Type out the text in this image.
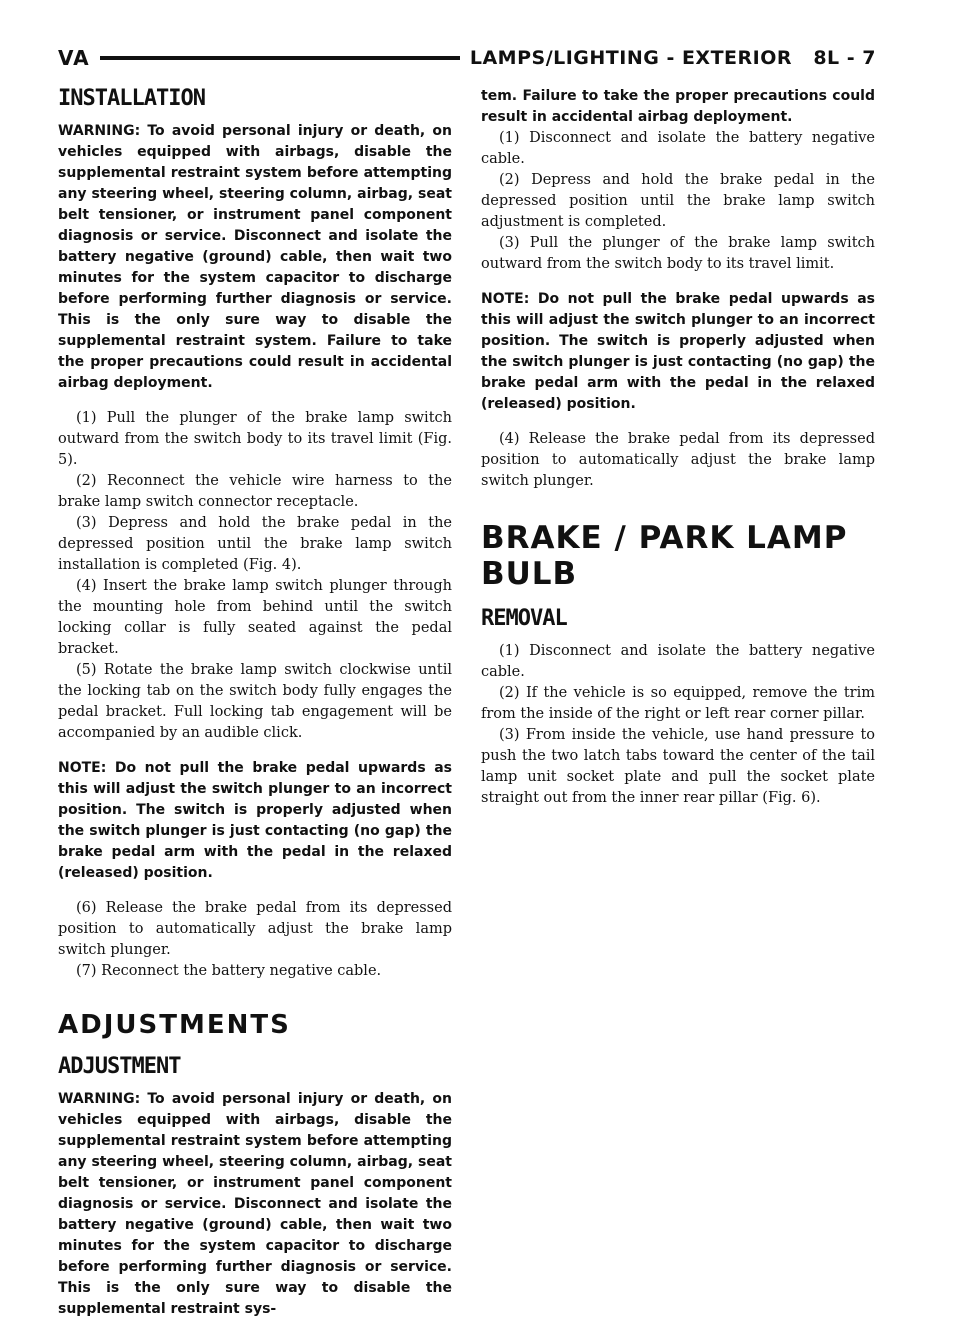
VA	LAMPS/LIGHTING - EXTERIOR   8L - 7
INSTALLATION

WARNING: To avoid personal injury or death, on vehicles equipped with airbags, disable the supplemental restraint system before attempting any steering wheel, steering column, airbag, seat belt tensioner, or instrument panel component diagnosis or service. Disconnect and isolate the battery negative (ground) cable, then wait two minutes for the system capacitor to discharge before performing further diagnosis or service. This is the only sure way to disable the supplemental restraint system. Failure to take the proper precautions could result in accidental airbag deployment.

(1) Pull the plunger of the brake lamp switch outward from the switch body to its travel limit (Fig. 5).

(2) Reconnect the vehicle wire harness to the brake lamp switch connector receptacle.

(3) Depress and hold the brake pedal in the depressed position until the brake lamp switch installation is completed (Fig. 4).

(4) Insert the brake lamp switch plunger through the mounting hole from behind until the switch locking collar is fully seated against the pedal bracket.

(5) Rotate the brake lamp switch clockwise until the locking tab on the switch body fully engages the pedal bracket. Full locking tab engagement will be accompanied by an audible click.

NOTE: Do not pull the brake pedal upwards as this will adjust the switch plunger to an incorrect position. The switch is properly adjusted when the switch plunger is just contacting (no gap) the brake pedal arm with the pedal in the relaxed (released) position.

(6) Release the brake pedal from its depressed position to automatically adjust the brake lamp switch plunger.

(7) Reconnect the battery negative cable.

ADJUSTMENTS
ADJUSTMENT

WARNING: To avoid personal injury or death, on vehicles equipped with airbags, disable the supplemental restraint system before attempting any steering wheel, steering column, airbag, seat belt tensioner, or instrument panel component diagnosis or service. Disconnect and isolate the battery negative (ground) cable, then wait two minutes for the system capacitor to discharge before performing further diagnosis or service. This is the only sure way to disable the supplemental restraint sys-

tem. Failure to take the proper precautions could result in accidental airbag deployment.

(1) Disconnect and isolate the battery negative cable.

(2) Depress and hold the brake pedal in the depressed position until the brake lamp switch adjustment is completed.

(3) Pull the plunger of the brake lamp switch outward from the switch body to its travel limit.

NOTE: Do not pull the brake pedal upwards as this will adjust the switch plunger to an incorrect position. The switch is properly adjusted when the switch plunger is just contacting (no gap) the brake pedal arm with the pedal in the relaxed (released) position.

(4) Release the brake pedal from its depressed position to automatically adjust the brake lamp switch plunger.

BRAKE / PARK LAMP BULB
REMOVAL

(1) Disconnect and isolate the battery negative cable.

(2) If the vehicle is so equipped, remove the trim from the inside of the right or left rear corner pillar.

(3) From inside the vehicle, use hand pressure to push the two latch tabs toward the center of the tail lamp unit socket plate and pull the socket plate straight out from the inner rear pillar (Fig. 6).
